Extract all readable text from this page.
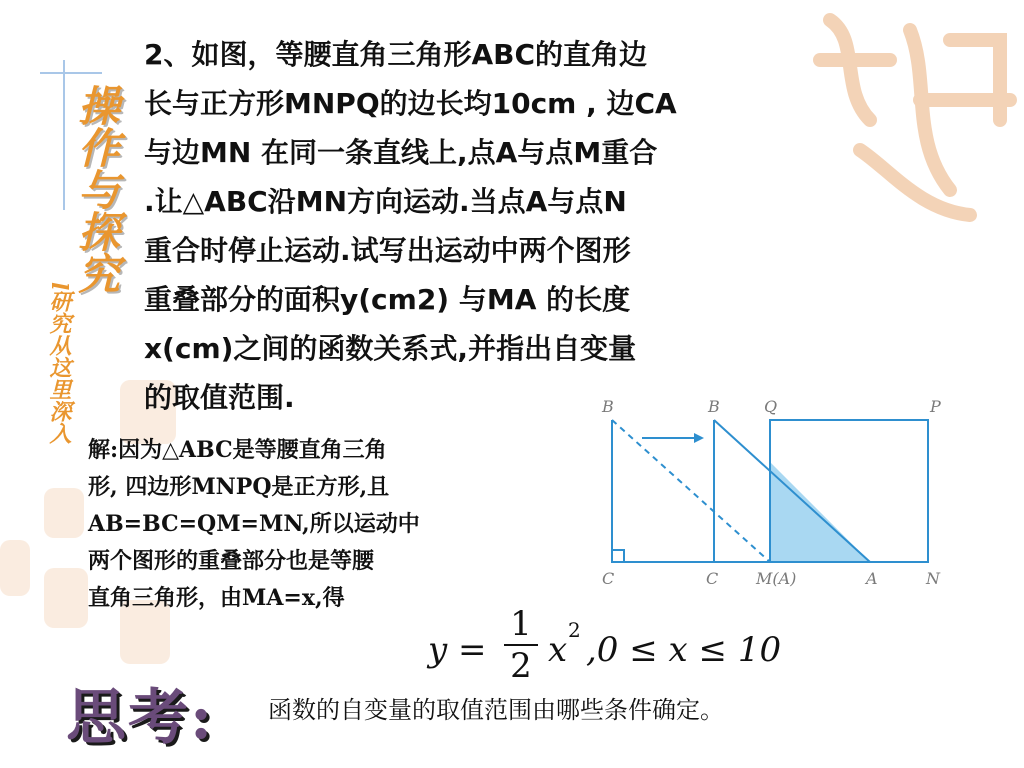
操作与探究
l研究从这里深入
2、如图，等腰直角三角形ABC的直角边
长与正方形MNPQ的边长均10cm , 边CA
与边MN 在同一条直线上,点A与点M重合
.让△ABC沿MN方向运动.当点A与点N
重合时停止运动.试写出运动中两个图形
重叠部分的面积y(cm2) 与MA 的长度
x(cm)之间的函数关系式,并指出自变量
的取值范围.
解:因为△ABC是等腰直角三角
形, 四边形MNPQ是正方形,且
AB=BC=QM=MN,所以运动中
两个图形的重叠部分也是等腰
直角三角形，由MA=x,得
B
C
B
C
Q	P
M(A)	A	N
y =
1
2 x 2 ,0 ≤ x ≤ 10
思考: 函数的自变量的取值范围由哪些条件确定。
